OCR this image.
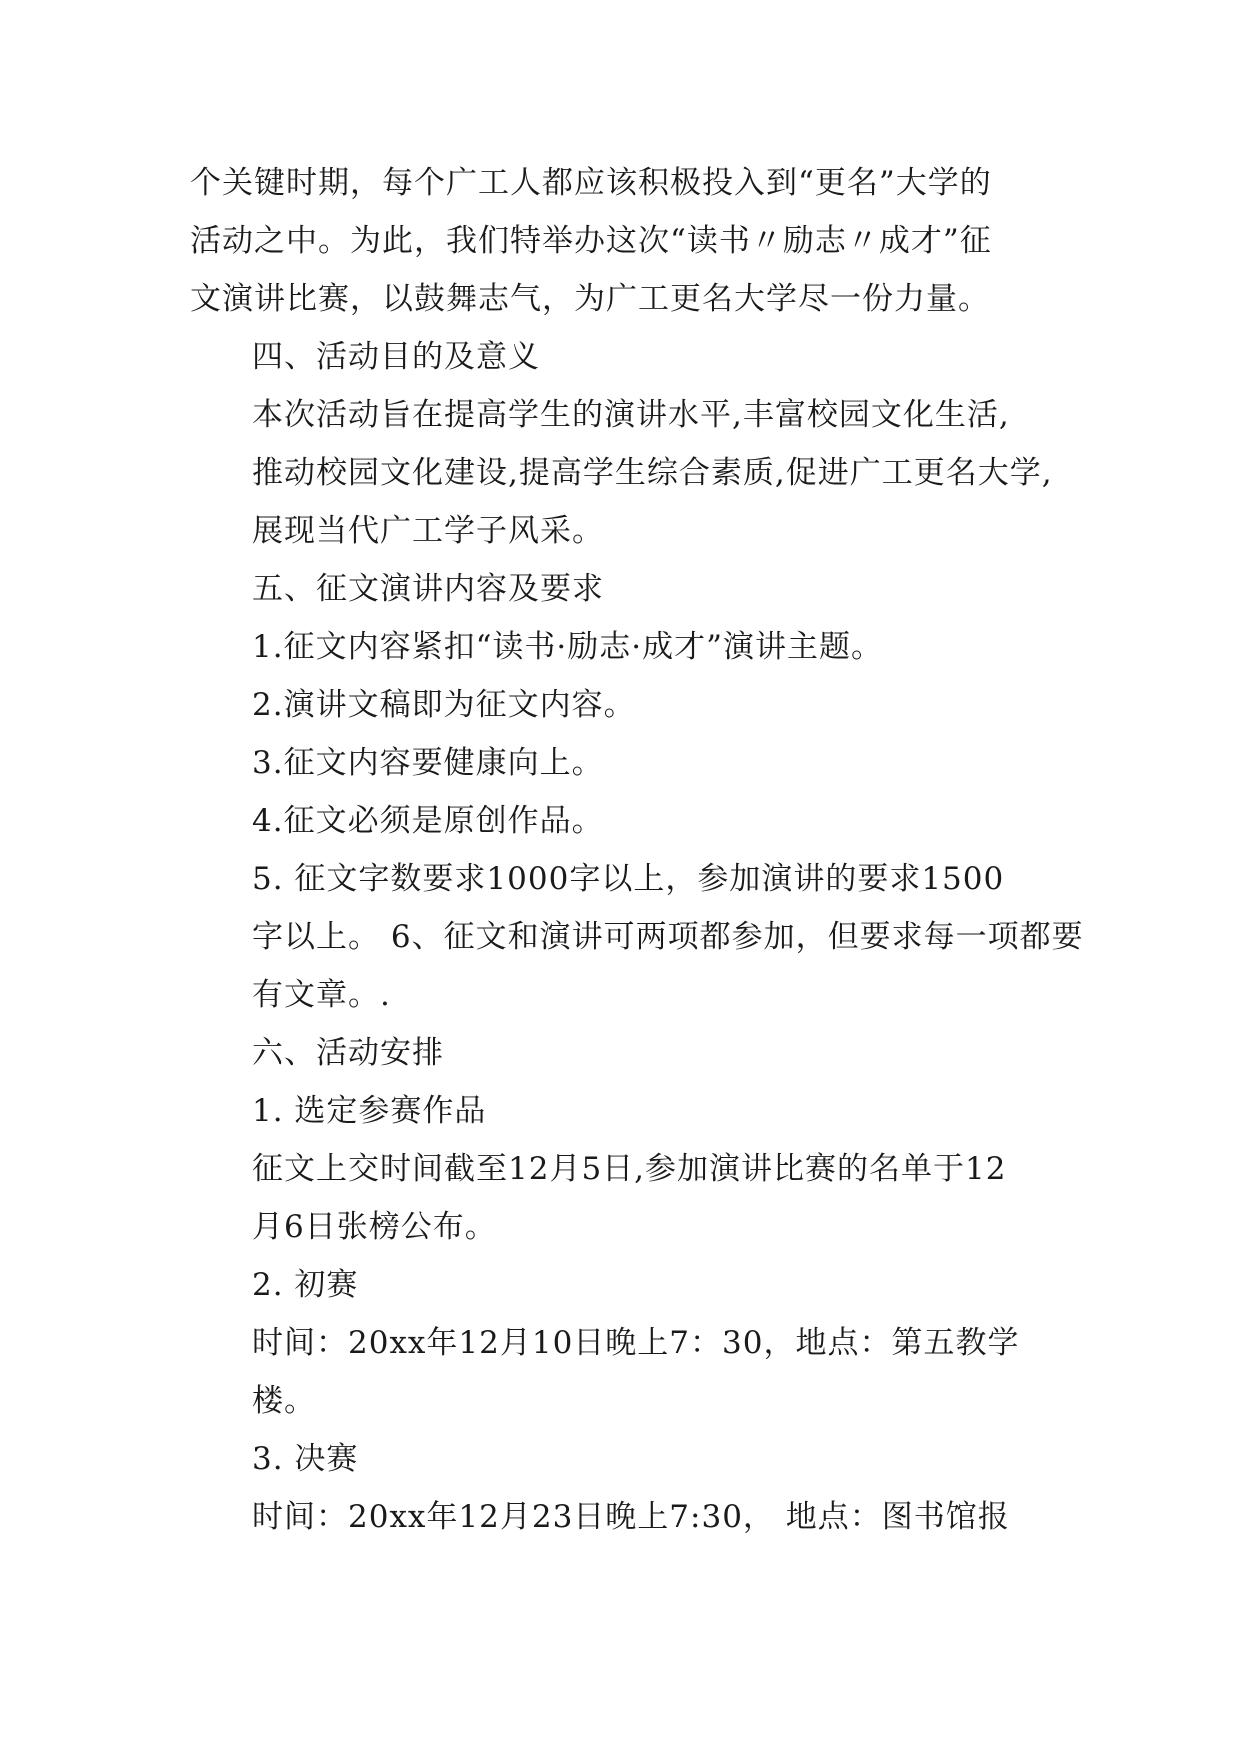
个关键时期，每个广工人都应该积极投入到“更名”大学的
活动之中。为此，我们特举办这次“读书〃励志〃成才”征
文演讲比赛，以鼓舞志气，为广工更名大学尽一份力量。
四、活动目的及意义
本次活动旨在提高学生的演讲水平,丰富校园文化生活,
推动校园文化建设,提高学生综合素质,促进广工更名大学,
展现当代广工学子风采。
五、征文演讲内容及要求
1.征文内容紧扣“读书·励志·成才”演讲主题。
2.演讲文稿即为征文内容。
3.征文内容要健康向上。
4.征文必须是原创作品。
5. 征文字数要求1000字以上，参加演讲的要求1500
字以上。 6、征文和演讲可两项都参加，但要求每一项都要
有文章。.
六、活动安排
1. 选定参赛作品
征文上交时间截至12月5日,参加演讲比赛的名单于12
月6日张榜公布。
2. 初赛
时间：20xx年12月10日晚上7：30，地点：第五教学
楼。
3. 决赛
时间：20xx年12月23日晚上7:30， 地点：图书馆报
